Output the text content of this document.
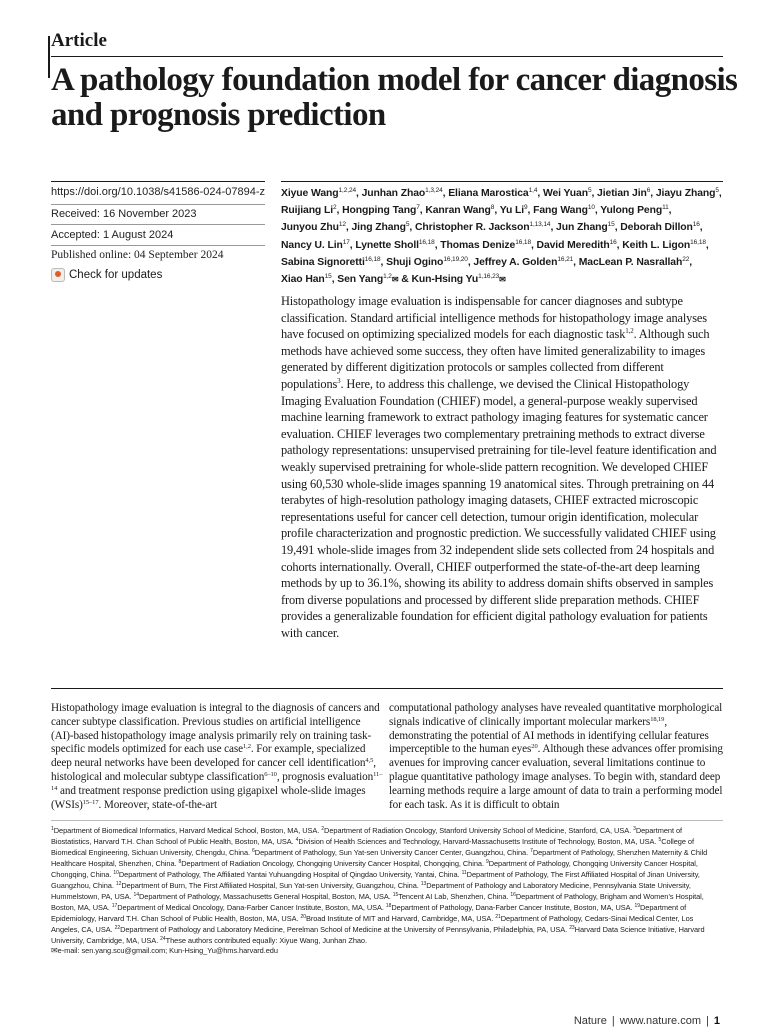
Article
A pathology foundation model for cancer diagnosis and prognosis prediction
https://doi.org/10.1038/s41586-024-07894-z
Received: 16 November 2023
Accepted: 1 August 2024
Published online: 04 September 2024
Check for updates
Xiyue Wang$^{1,2,24}$, Junhan Zhao$^{1,3,24}$, Eliana Marostica$^{1,4}$, Wei Yuan$^5$, Jietian Jin$^6$, Jiayu Zhang$^5$, Ruijiang Li$^2$, Hongping Tang$^7$, Kanran Wang$^8$, Yu Li$^9$, Fang Wang$^{10}$, Yulong Peng$^{11}$, Junyou Zhu$^{12}$, Jing Zhang$^5$, Christopher R. Jackson$^{1,13,14}$, Jun Zhang$^{15}$, Deborah Dillon$^{16}$, Nancy U. Lin$^{17}$, Lynette Sholl$^{16,18}$, Thomas Denize$^{16,18}$, David Meredith$^{16}$, Keith L. Ligon$^{16,18}$, Sabina Signoretti$^{16,18}$, Shuji Ogino$^{16,19,20}$, Jeffrey A. Golden$^{16,21}$, MacLean P. Nasrallah$^{22}$, Xiao Han$^{15}$, Sen Yang$^{1,2}$✉ & Kun-Hsing Yu$^{1,16,23}$✉

Histopathology image evaluation is indispensable for cancer diagnoses and subtype classification. Standard artificial intelligence methods for histopathology image analyses have focused on optimizing specialized models for each diagnostic task$^{1,2}$. Although such methods have achieved some success, they often have limited generalizability to images generated by different digitization protocols or samples collected from different populations$^3$. Here, to address this challenge, we devised the Clinical Histopathology Imaging Evaluation Foundation (CHIEF) model, a general-purpose weakly supervised machine learning framework to extract pathology imaging features for systematic cancer evaluation. CHIEF leverages two complementary pretraining methods to extract diverse pathology representations: unsupervised pretraining for tile-level feature identification and weakly supervised pretraining for whole-slide pattern recognition. We developed CHIEF using 60,530 whole-slide images spanning 19 anatomical sites. Through pretraining on 44 terabytes of high-resolution pathology imaging datasets, CHIEF extracted microscopic representations useful for cancer cell detection, tumour origin identification, molecular profile characterization and prognostic prediction. We successfully validated CHIEF using 19,491 whole-slide images from 32 independent slide sets collected from 24 hospitals and cohorts internationally. Overall, CHIEF outperformed the state-of-the-art deep learning methods by up to 36.1%, showing its ability to address domain shifts observed in samples from diverse populations and processed by different slide preparation methods. CHIEF provides a generalizable foundation for efficient digital pathology evaluation for patients with cancer.

Histopathology image evaluation is integral to the diagnosis of cancers and cancer subtype classification. Previous studies on artificial intelligence (AI)-based histopathology image analysis primarily rely on training task-specific models optimized for each use case$^{1,2}$. For example, specialized deep neural networks have been developed for cancer cell identification$^{4,5}$, histological and molecular subtype classification$^{6-10}$, prognosis evaluation$^{11-14}$ and treatment response prediction using gigapixel whole-slide images (WSIs)$^{15-17}$. Moreover, state-of-the-art

computational pathology analyses have revealed quantitative morphological signals indicative of clinically important molecular markers$^{18,19}$, demonstrating the potential of AI methods in identifying cellular features imperceptible to the human eyes$^{20}$. Although these advances offer promising avenues for improving cancer evaluation, several limitations continue to plague quantitative pathology image analyses. To begin with, standard deep learning methods require a large amount of data to train a performing model for each task. As it is difficult to obtain

$^1$Department of Biomedical Informatics, Harvard Medical School, Boston, MA, USA. $^2$Department of Radiation Oncology, Stanford University School of Medicine, Stanford, CA, USA. $^3$Department of Biostatistics, Harvard T.H. Chan School of Public Health, Boston, MA, USA. $^4$Division of Health Sciences and Technology, Harvard-Massachusetts Institute of Technology, Boston, MA, USA. $^5$College of Biomedical Engineering, Sichuan University, Chengdu, China. $^6$Department of Pathology, Sun Yat-sen University Cancer Center, Guangzhou, China. $^7$Department of Pathology, Shenzhen Maternity & Child Healthcare Hospital, Shenzhen, China. $^8$Department of Radiation Oncology, Chongqing University Cancer Hospital, Chongqing, China. $^9$Department of Pathology, Chongqing University Cancer Hospital, Chongqing, China. $^{10}$Department of Pathology, The Affiliated Yantai Yuhuangding Hospital of Qingdao University, Yantai, China. $^{11}$Department of Pathology, The First Affiliated Hospital of Jinan University, Guangzhou, China. $^{12}$Department of Burn, The First Affiliated Hospital, Sun Yat-sen University, Guangzhou, China. $^{13}$Department of Pathology and Laboratory Medicine, Pennsylvania State University, Hummelstown, PA, USA. $^{14}$Department of Pathology, Massachusetts General Hospital, Boston, MA, USA. $^{15}$Tencent AI Lab, Shenzhen, China. $^{16}$Department of Pathology, Brigham and Women’s Hospital, Boston, MA, USA. $^{17}$Department of Medical Oncology, Dana-Farber Cancer Institute, Boston, MA, USA. $^{18}$Department of Pathology, Dana-Farber Cancer Institute, Boston, MA, USA. $^{19}$Department of Epidemiology, Harvard T.H. Chan School of Public Health, Boston, MA, USA. $^{20}$Broad Institute of MIT and Harvard, Cambridge, MA, USA. $^{21}$Department of Pathology, Cedars-Sinai Medical Center, Los Angeles, CA, USA. $^{22}$Department of Pathology and Laboratory Medicine, Perelman School of Medicine at the University of Pennsylvania, Philadelphia, PA, USA. $^{23}$Harvard Data Science Initiative, Harvard University, Cambridge, MA, USA. $^{24}$These authors contributed equally: Xiyue Wang, Junhan Zhao.

✉e-mail: sen.yang.scu@gmail.com; Kun-Hsing_Yu@hms.harvard.edu

Nature | www.nature.com | 1
